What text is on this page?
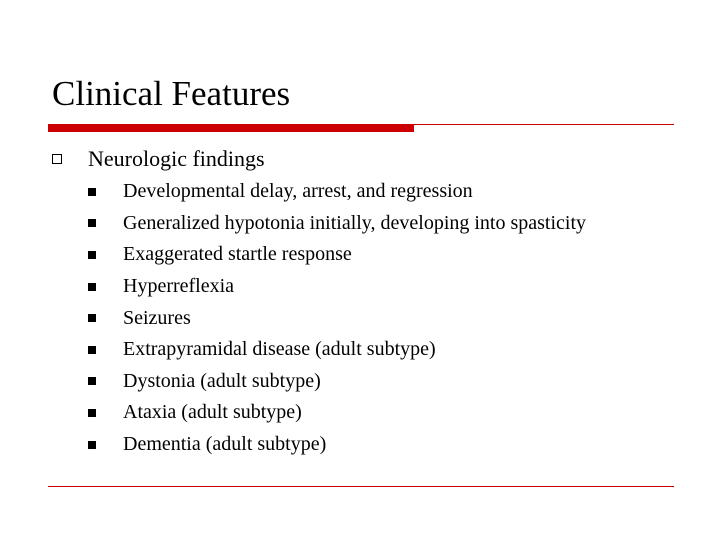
Clinical Features
Neurologic findings
Developmental delay, arrest, and regression
Generalized hypotonia initially, developing into spasticity
Exaggerated startle response
Hyperreflexia
Seizures
Extrapyramidal disease (adult subtype)
Dystonia (adult subtype)
Ataxia (adult subtype)
Dementia (adult subtype)
